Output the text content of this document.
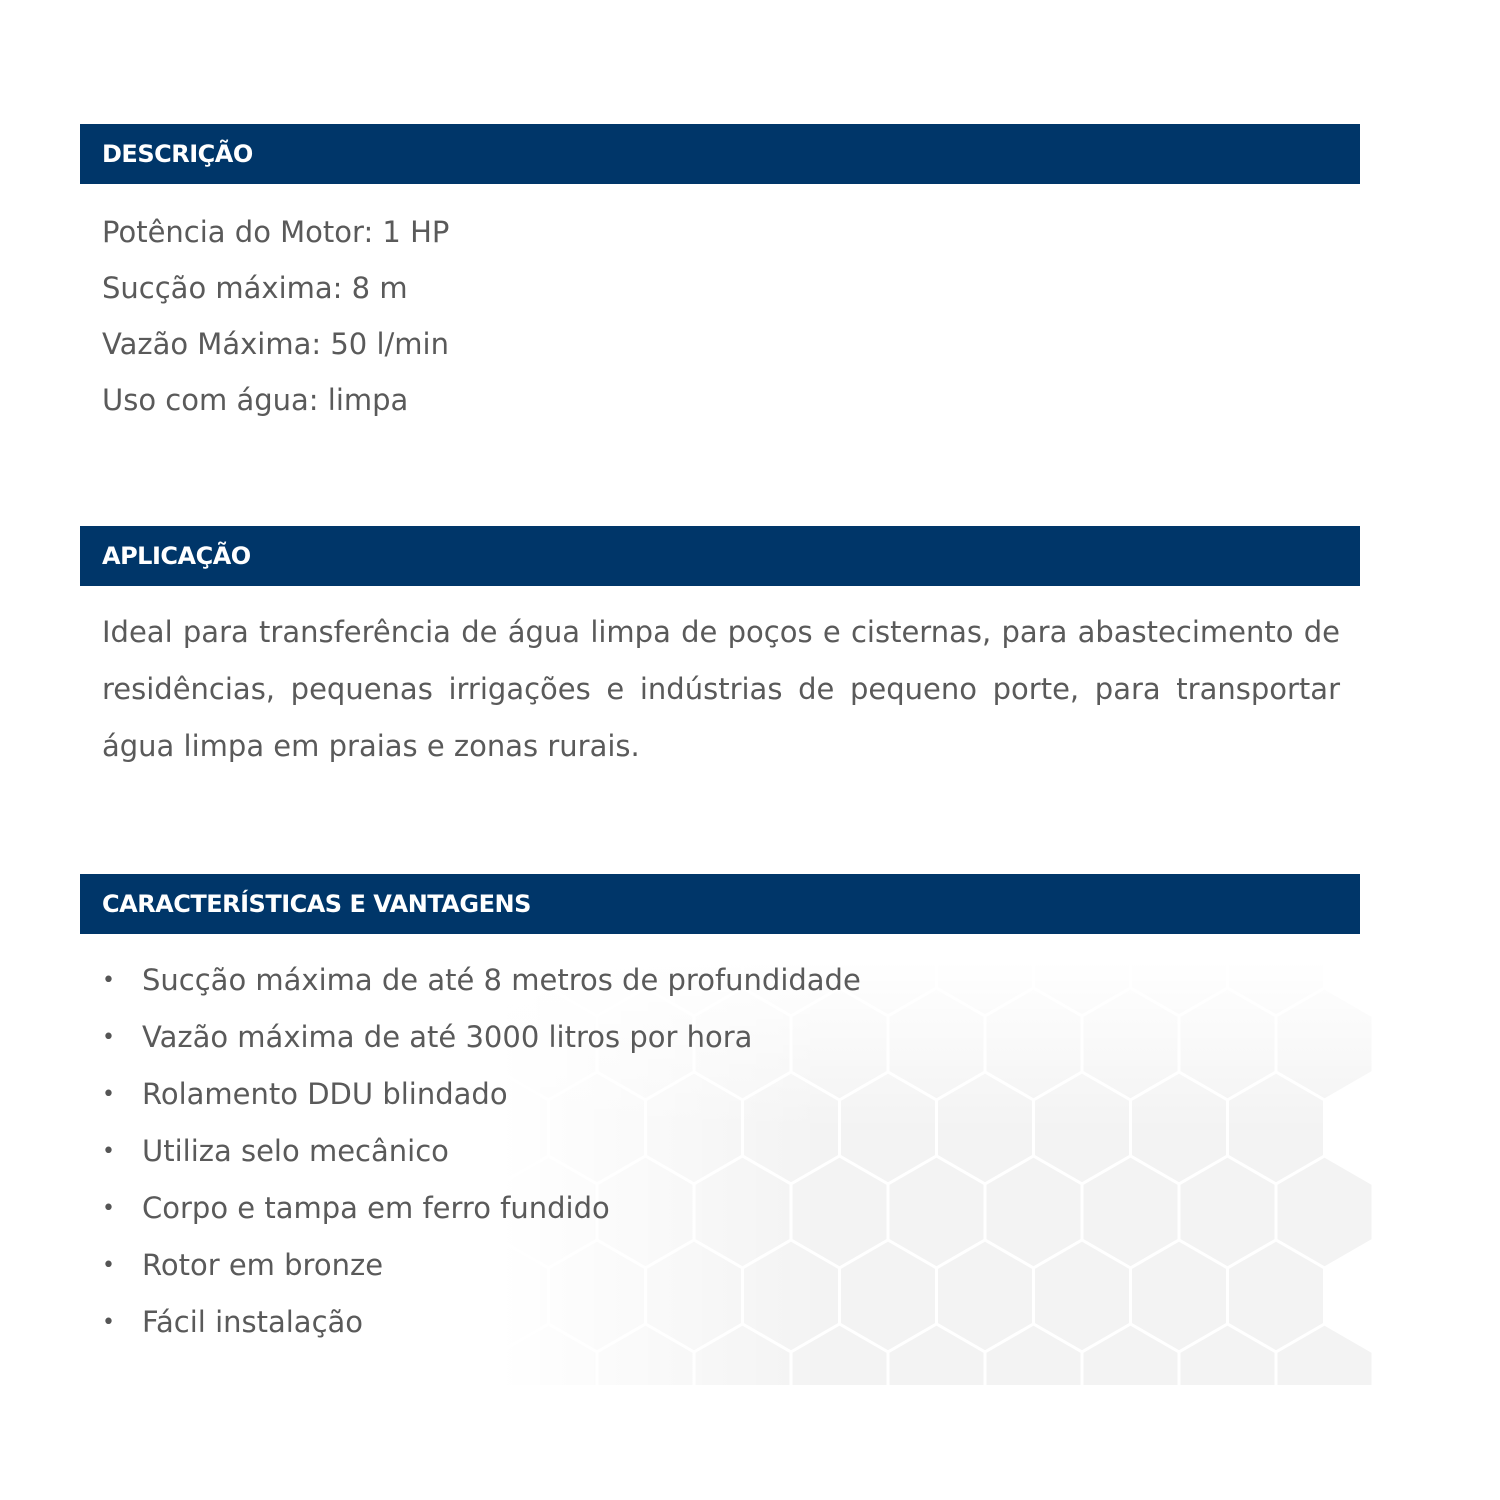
DESCRIÇÃO
Potência do Motor: 1 HP
Sucção máxima: 8 m
Vazão Máxima: 50 l/min
Uso com água: limpa
APLICAÇÃO

Ideal para transferência de água limpa de poços e cisternas, para abastecimento de residências, pequenas irrigações e indústrias de pequeno porte, para transportar água limpa em praias e zonas rurais.

CARACTERÍSTICAS E VANTAGENS
• Sucção máxima de até 8 metros de profundidade
• Vazão máxima de até 3000 litros por hora
• Rolamento DDU blindado
• Utiliza selo mecânico
• Corpo e tampa em ferro fundido
• Rotor em bronze
• Fácil instalação
